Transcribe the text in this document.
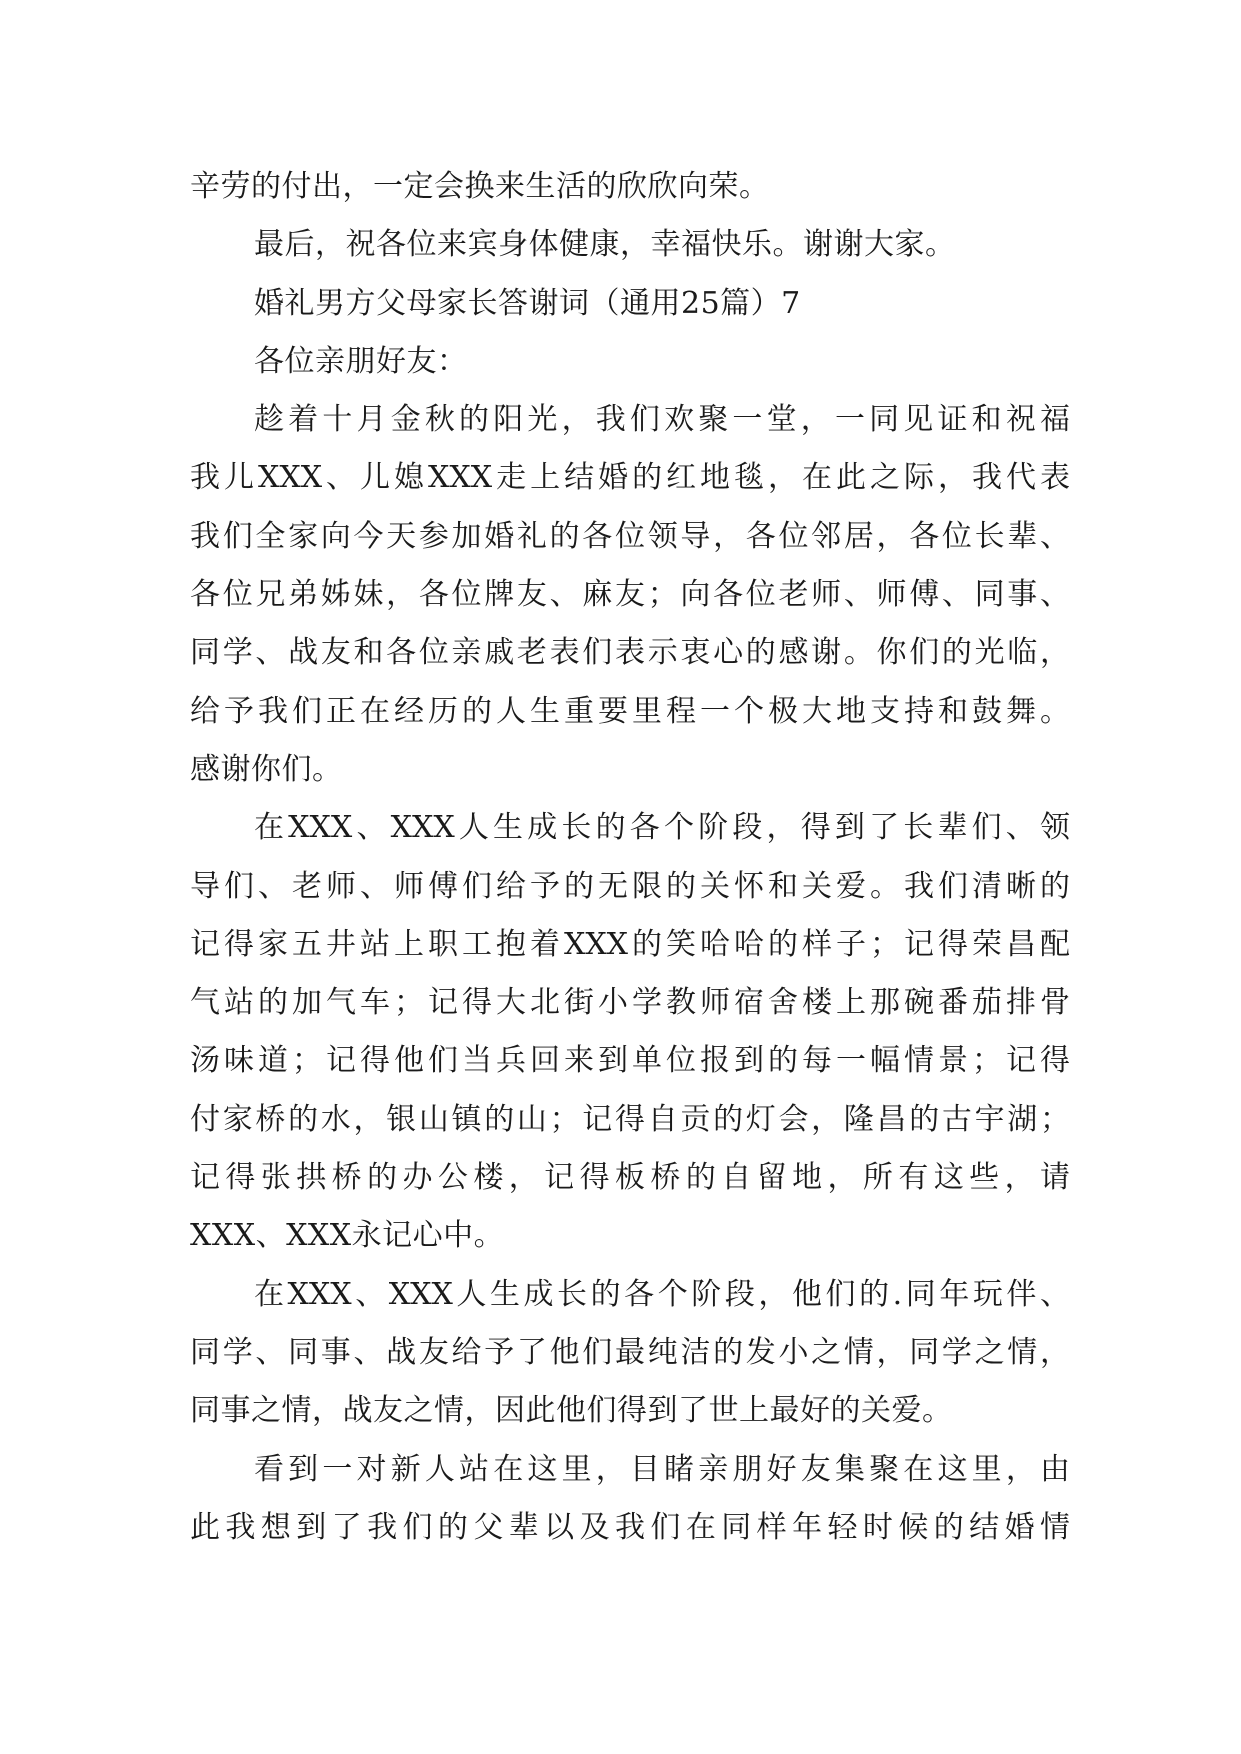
辛劳的付出，一定会换来生活的欣欣向荣。
最后，祝各位来宾身体健康，幸福快乐。谢谢大家。
婚礼男方父母家长答谢词（通用25篇）7
各位亲朋好友：
趁着十月金秋的阳光，我们欢聚一堂，一同见证和祝福
我儿XXX、儿媳XXX走上结婚的红地毯，在此之际，我代表
我们全家向今天参加婚礼的各位领导，各位邻居，各位长辈、
各位兄弟姊妹，各位牌友、麻友；向各位老师、师傅、同事、
同学、战友和各位亲戚老表们表示衷心的感谢。你们的光临，
给予我们正在经历的人生重要里程一个极大地支持和鼓舞。
感谢你们。
在XXX、XXX人生成长的各个阶段，得到了长辈们、领
导们、老师、师傅们给予的无限的关怀和关爱。我们清晰的
记得家五井站上职工抱着XXX的笑哈哈的样子；记得荣昌配
气站的加气车；记得大北街小学教师宿舍楼上那碗番茄排骨
汤味道；记得他们当兵回来到单位报到的每一幅情景；记得
付家桥的水，银山镇的山；记得自贡的灯会，隆昌的古宇湖；
记得张拱桥的办公楼，记得板桥的自留地，所有这些，请
XXX、XXX永记心中。
在XXX、XXX人生成长的各个阶段，他们的.同年玩伴、
同学、同事、战友给予了他们最纯洁的发小之情，同学之情，
同事之情，战友之情，因此他们得到了世上最好的关爱。
看到一对新人站在这里，目睹亲朋好友集聚在这里，由
此我想到了我们的父辈以及我们在同样年轻时候的结婚情
